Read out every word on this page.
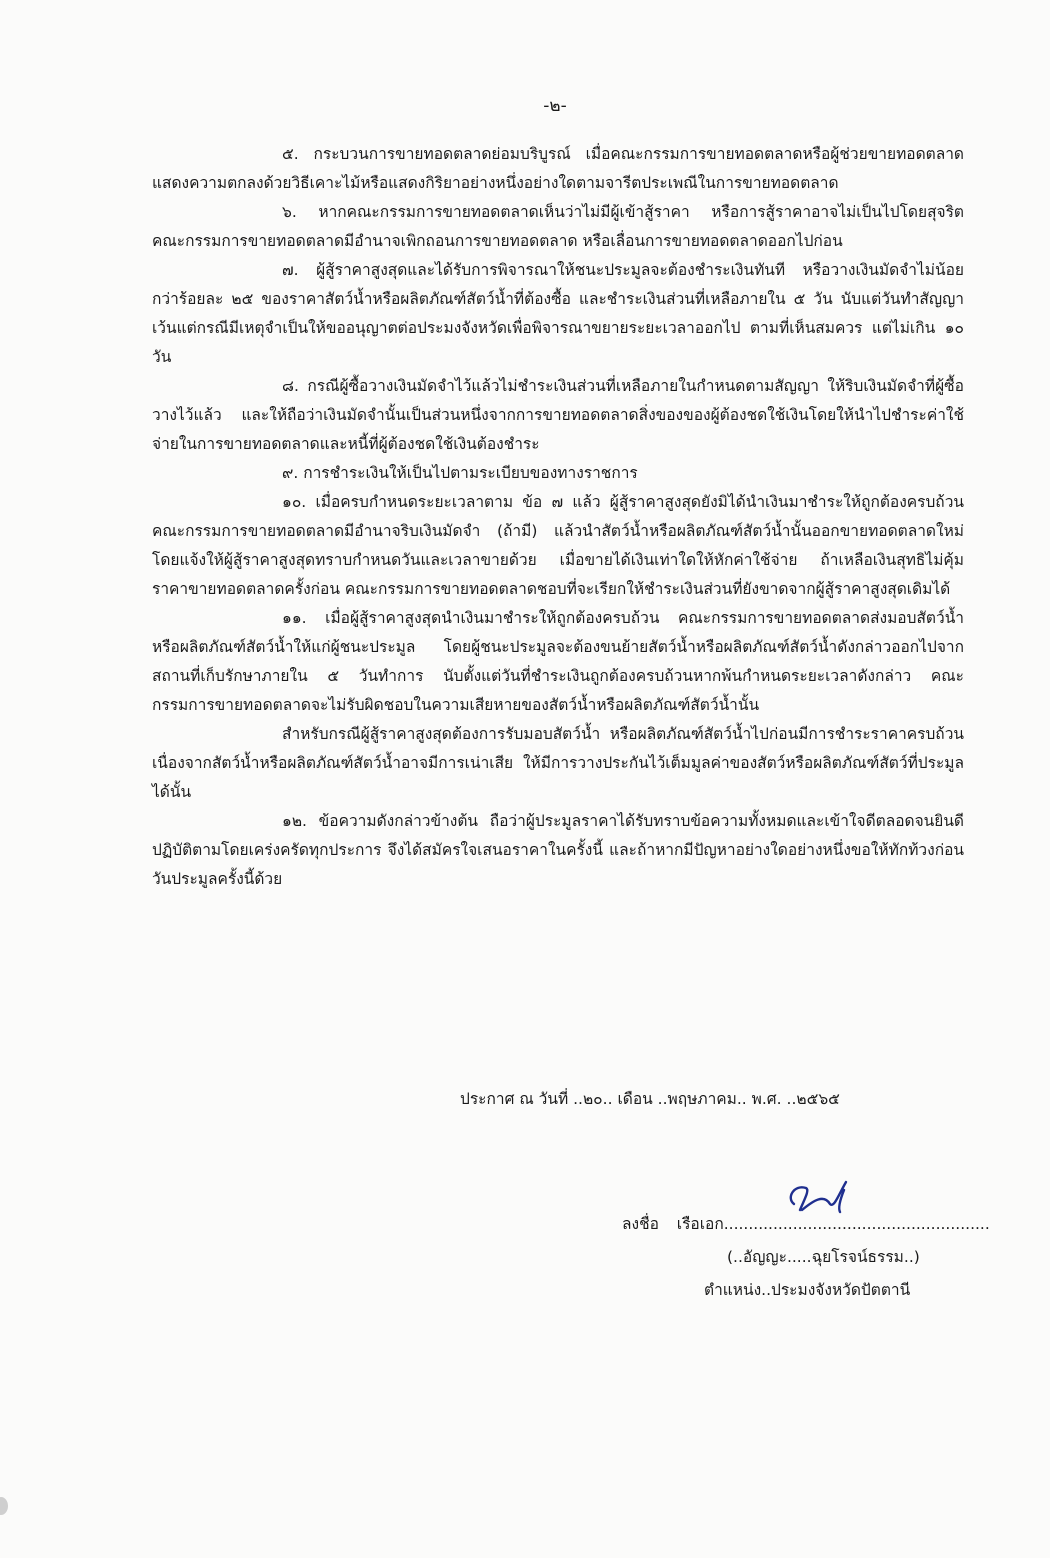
-๒-

๕. กระบวนการขายทอดตลาดย่อมบริบูรณ์ เมื่อคณะกรรมการขายทอดตลาดหรือผู้ช่วยขายทอดตลาดแสดงความตกลงด้วยวิธีเคาะไม้หรือแสดงกิริยาอย่างหนึ่งอย่างใดตามจารีตประเพณีในการขายทอดตลาด

๖. หากคณะกรรมการขายทอดตลาดเห็นว่าไม่มีผู้เข้าสู้ราคา หรือการสู้ราคาอาจไม่เป็นไปโดยสุจริต คณะกรรมการขายทอดตลาดมีอำนาจเพิกถอนการขายทอดตลาด หรือเลื่อนการขายทอดตลาดออกไปก่อน

๗. ผู้สู้ราคาสูงสุดและได้รับการพิจารณาให้ชนะประมูลจะต้องชำระเงินทันที หรือวางเงินมัดจำไม่น้อยกว่าร้อยละ ๒๕ ของราคาสัตว์น้ำหรือผลิตภัณฑ์สัตว์น้ำที่ต้องซื้อ และชำระเงินส่วนที่เหลือภายใน ๕ วัน นับแต่วันทำสัญญา เว้นแต่กรณีมีเหตุจำเป็นให้ขออนุญาตต่อประมงจังหวัดเพื่อพิจารณาขยายระยะเวลาออกไป ตามที่เห็นสมควร แต่ไม่เกิน ๑๐ วัน

๘. กรณีผู้ซื้อวางเงินมัดจำไว้แล้วไม่ชำระเงินส่วนที่เหลือภายในกำหนดตามสัญญา ให้ริบเงินมัดจำที่ผู้ซื้อวางไว้แล้ว และให้ถือว่าเงินมัดจำนั้นเป็นส่วนหนึ่งจากการขายทอดตลาดสิ่งของของผู้ต้องชดใช้เงินโดยให้นำไปชำระค่าใช้จ่ายในการขายทอดตลาดและหนี้ที่ผู้ต้องชดใช้เงินต้องชำระ

๙. การชำระเงินให้เป็นไปตามระเบียบของทางราชการ

๑๐. เมื่อครบกำหนดระยะเวลาตาม ข้อ ๗ แล้ว ผู้สู้ราคาสูงสุดยังมิได้นำเงินมาชำระให้ถูกต้องครบถ้วน คณะกรรมการขายทอดตลาดมีอำนาจริบเงินมัดจำ (ถ้ามี) แล้วนำสัตว์น้ำหรือผลิตภัณฑ์สัตว์น้ำนั้นออกขายทอดตลาดใหม่โดยแจ้งให้ผู้สู้ราคาสูงสุดทราบกำหนดวันและเวลาขายด้วย เมื่อขายได้เงินเท่าใดให้หักค่าใช้จ่าย ถ้าเหลือเงินสุทธิไม่คุ้มราคาขายทอดตลาดครั้งก่อน คณะกรรมการขายทอดตลาดชอบที่จะเรียกให้ชำระเงินส่วนที่ยังขาดจากผู้สู้ราคาสูงสุดเดิมได้

๑๑. เมื่อผู้สู้ราคาสูงสุดนำเงินมาชำระให้ถูกต้องครบถ้วน คณะกรรมการขายทอดตลาดส่งมอบสัตว์น้ำหรือผลิตภัณฑ์สัตว์น้ำให้แก่ผู้ชนะประมูล โดยผู้ชนะประมูลจะต้องขนย้ายสัตว์น้ำหรือผลิตภัณฑ์สัตว์น้ำดังกล่าวออกไปจากสถานที่เก็บรักษาภายใน ๕ วันทำการ นับตั้งแต่วันที่ชำระเงินถูกต้องครบถ้วนหากพ้นกำหนดระยะเวลาดังกล่าว คณะกรรมการขายทอดตลาดจะไม่รับผิดชอบในความเสียหายของสัตว์น้ำหรือผลิตภัณฑ์สัตว์น้ำนั้น

สำหรับกรณีผู้สู้ราคาสูงสุดต้องการรับมอบสัตว์น้ำ หรือผลิตภัณฑ์สัตว์น้ำไปก่อนมีการชำระราคาครบถ้วน เนื่องจากสัตว์น้ำหรือผลิตภัณฑ์สัตว์น้ำอาจมีการเน่าเสีย ให้มีการวางประกันไว้เต็มมูลค่าของสัตว์หรือผลิตภัณฑ์สัตว์ที่ประมูลได้นั้น

๑๒. ข้อความดังกล่าวข้างต้น ถือว่าผู้ประมูลราคาได้รับทราบข้อความทั้งหมดและเข้าใจดีตลอดจนยินดีปฏิบัติตามโดยเคร่งครัดทุกประการ จึงได้สมัครใจเสนอราคาในครั้งนี้ และถ้าหากมีปัญหาอย่างใดอย่างหนึ่งขอให้ทักท้วงก่อนวันประมูลครั้งนี้ด้วย

ประกาศ ณ วันที่ ..๒๐.. เดือน ..พฤษภาคม.. พ.ศ. ..๒๕๖๕
ลงชื่อ เรือเอก......................................................
(..อัญญะ.....ฉุยโรจน์ธรรม..)
ตำแหน่ง..ประมงจังหวัดปัตตานี
